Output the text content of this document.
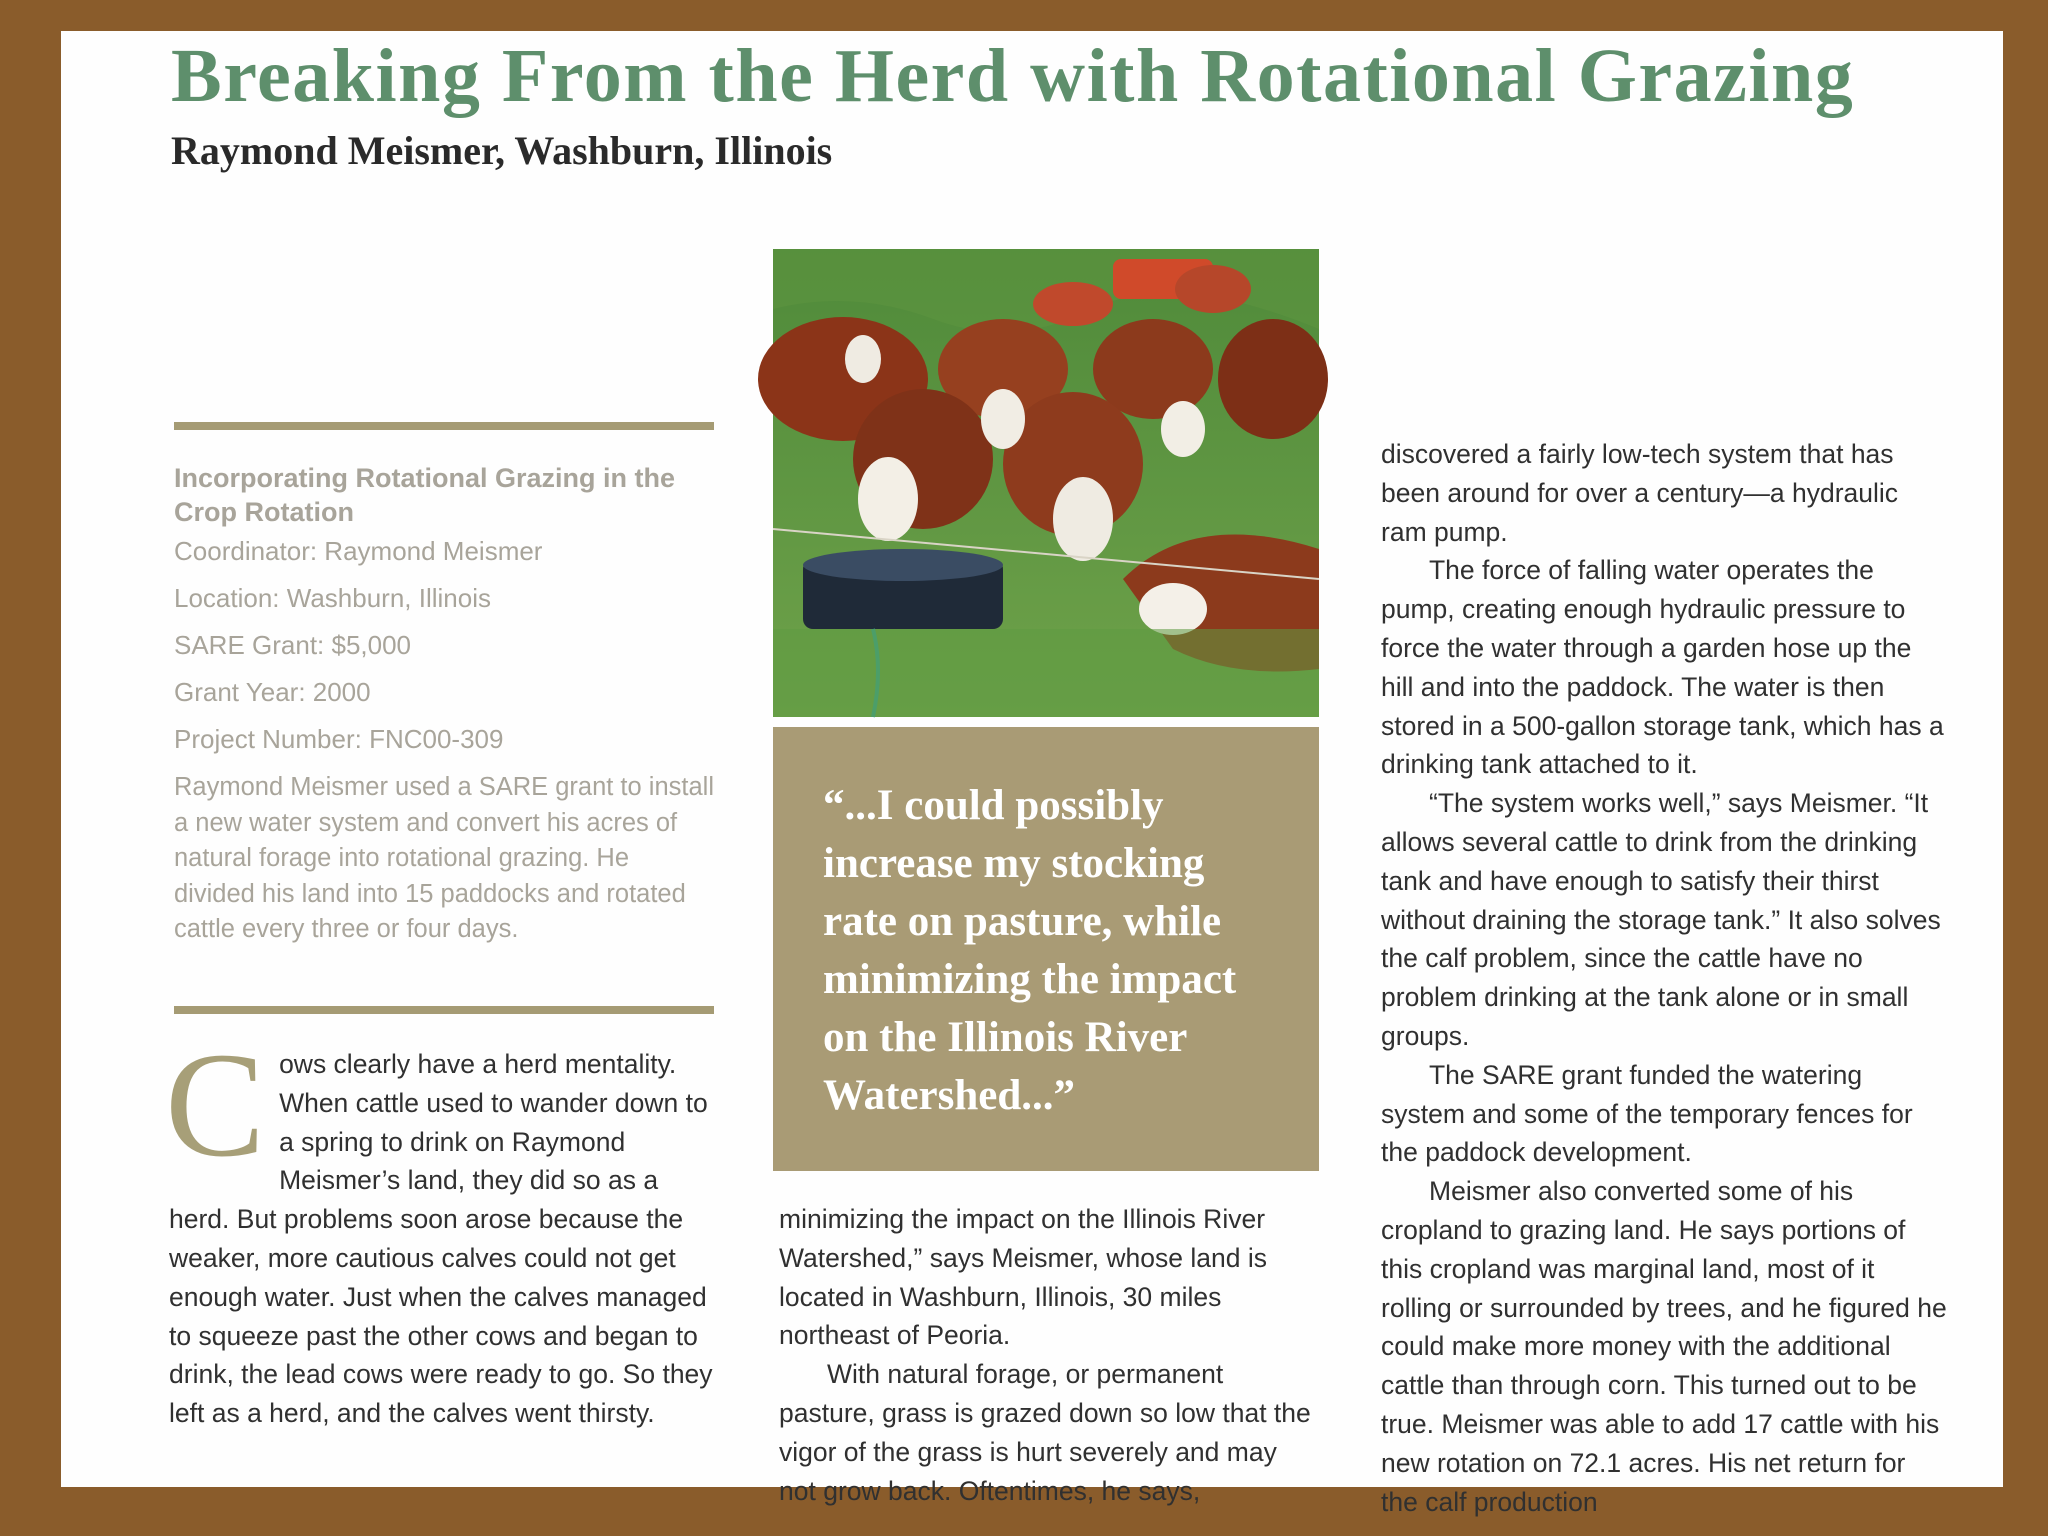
Breaking From the Herd with Rotational Grazing
Raymond Meismer, Washburn, Illinois

Incorporating Rotational Grazing in the Crop Rotation

Coordinator: Raymond Meismer

Location: Washburn, Illinois

SARE Grant: $5,000

Grant Year: 2000

Project Number: FNC00-309

Raymond Meismer used a SARE grant to install a new water system and convert his acres of natural forage into rotational grazing. He divided his land into 15 paddocks and rotated cattle every three or four days.

Cows clearly have a herd mentality. When cattle used to wander down to a spring to drink on Raymond Meismer’s land, they did so as a herd. But problems soon arose because the weaker, more cautious calves could not get enough water. Just when the calves managed to squeeze past the other cows and began to drink, the lead cows were ready to go. So they left as a herd, and the calves went thirsty.

“...I could possibly increase my stocking rate on pasture, while minimizing the impact on the Illinois River Watershed...”

minimizing the impact on the Illinois River Watershed,” says Meismer, whose land is located in Washburn, Illinois, 30 miles northeast of Peoria.

With natural forage, or permanent pasture, grass is grazed down so low that the vigor of the grass is hurt severely and may not grow back. Oftentimes, he says,

discovered a fairly low-tech system that has been around for over a century—a hydraulic ram pump.

The force of falling water operates the pump, creating enough hydraulic pressure to force the water through a garden hose up the hill and into the paddock. The water is then stored in a 500-gallon storage tank, which has a drinking tank attached to it.

“The system works well,” says Meismer. “It allows several cattle to drink from the drinking tank and have enough to satisfy their thirst without draining the storage tank.” It also solves the calf problem, since the cattle have no problem drinking at the tank alone or in small groups.

The SARE grant funded the watering system and some of the temporary fences for the paddock development.

Meismer also converted some of his cropland to grazing land. He says portions of this cropland was marginal land, most of it rolling or surrounded by trees, and he figured he could make more money with the additional cattle than through corn. This turned out to be true. Meismer was able to add 17 cattle with his new rotation on 72.1 acres. His net return for the calf production
